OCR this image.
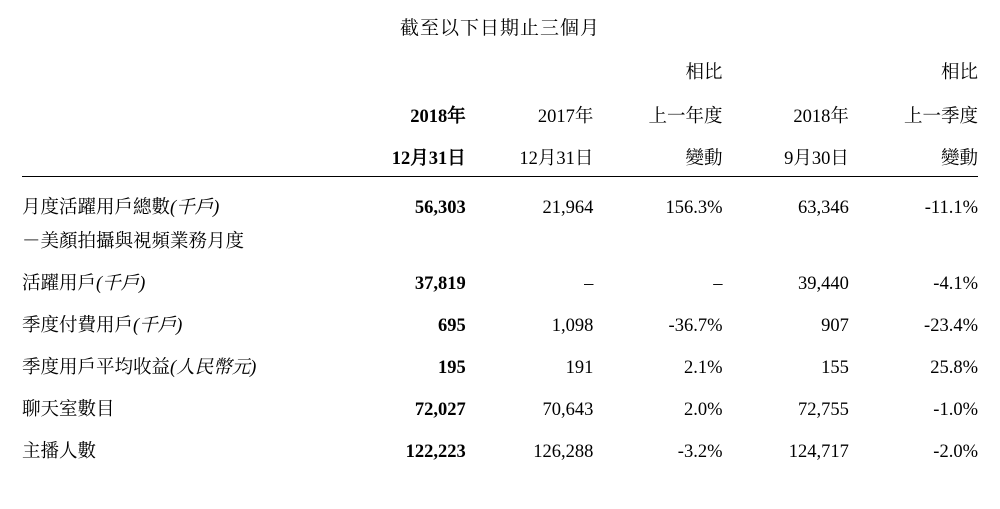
截至以下日期止三個月
			相比		相比
	2018年	2017年	上一年度	2018年	上一季度
	12月31日	12月31日	變動	9月30日	變動

月度活躍用戶總數(千戶)	56,303	21,964	156.3%	63,346	-11.1%
－美顏拍攝與視頻業務月度					
活躍用戶(千戶)	37,819	–	–	39,440	-4.1%
季度付費用戶(千戶)	695	1,098	-36.7%	907	-23.4%
季度用戶平均收益(人民幣元)	195	191	2.1%	155	25.8%
聊天室數目	72,027	70,643	2.0%	72,755	-1.0%
主播人數	122,223	126,288	-3.2%	124,717	-2.0%
